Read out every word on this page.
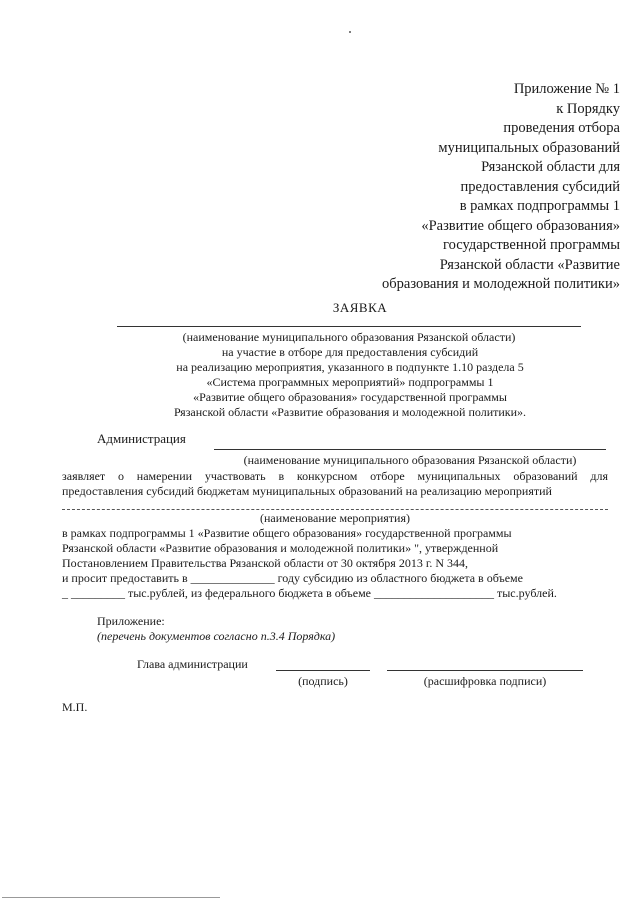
Приложение № 1
к Порядку
проведения отбора
муниципальных образований
Рязанской области для
предоставления субсидий
в рамках подпрограммы 1
«Развитие общего образования»
государственной программы
Рязанской области «Развитие
образования и молодежной политики»
ЗАЯВКА
(наименование муниципального образования Рязанской области)
на участие в отборе для предоставления субсидий
на реализацию мероприятия, указанного в подпункте 1.10 раздела 5
«Система программных мероприятий» подпрограммы 1
«Развитие общего образования» государственной программы
Рязанской области «Развитие образования и молодежной политики».
Администрация
(наименование муниципального образования Рязанской области)
заявляет о намерении участвовать в конкурсном отборе муниципальных образований для
предоставления субсидий бюджетам муниципальных образований на реализацию мероприятий
(наименование мероприятия)
в рамках подпрограммы 1 «Развитие общего образования» государственной программы
Рязанской области «Развитие образования и молодежной политики» ", утвержденной
Постановлением Правительства Рязанской области от 30 октября 2013 г. N 344,
и просит предоставить в ______________ году субсидию из областного бюджета в объеме
_ _________ тыс.рублей, из федерального бюджета в объеме ____________________ тыс.рублей.
Приложение:
(перечень документов согласно п.3.4 Порядка)
Глава администрации
(подпись)	(расшифровка подписи)
М.П.
